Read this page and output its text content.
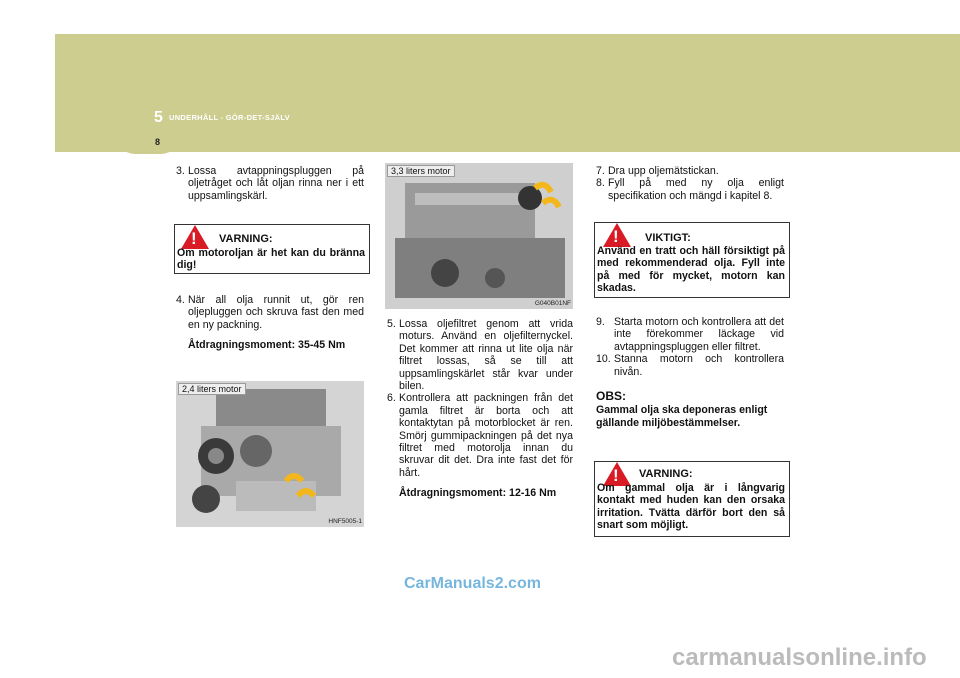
5 UNDERHÅLL - GÖR-DET-SJÄLV
8
3. Lossa avtappningspluggen på oljetråget och låt oljan rinna ner i ett uppsamlingskärl.
! VARNING:
Om motoroljan är het kan du bränna dig!
4. När all olja runnit ut, gör ren oljepluggen och skruva fast den med en ny packning.
Åtdragningsmoment: 35-45 Nm
2,4 liters motor
HNF5005-1
3,3 liters motor
G040B01NF
5. Lossa oljefiltret genom att vrida moturs. Använd en oljefilternyckel. Det kommer att rinna ut lite olja när filtret lossas, så se till att uppsamlingskärlet står kvar under bilen.
6. Kontrollera att packningen från det gamla filtret är borta och att kontaktytan på motorblocket är ren. Smörj gummipackningen på det nya filtret med motorolja innan du skruvar dit det. Dra inte fast det för hårt.
Åtdragningsmoment: 12-16 Nm
7. Dra upp oljemätstickan.
8. Fyll på med ny olja enligt specifikation och mängd i kapitel 8.
! VIKTIGT:
Använd en tratt och häll försiktigt på med rekommenderad olja. Fyll inte på med för mycket, motorn kan skadas.
9. Starta motorn och kontrollera att det inte förekommer läckage vid avtappningspluggen eller filtret.
10. Stanna motorn och kontrollera nivån.
OBS:
Gammal olja ska deponeras enligt gällande miljöbestämmelser.
! VARNING:
Om gammal olja är i långvarig kontakt med huden kan den orsaka irritation. Tvätta därför bort den så snart som möjligt.
CarManuals2.com
carmanualsonline.info
